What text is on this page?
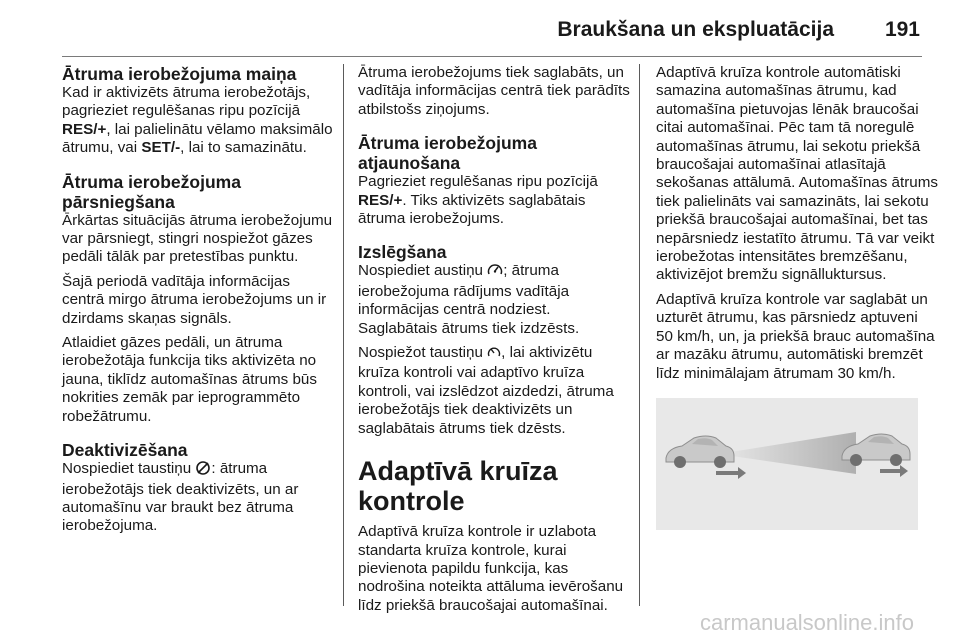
Braukšana un ekspluatācija 191
Ātruma ierobežojuma maiņa

Kad ir aktivizēts ātruma ierobežotājs, pagrieziet regulēšanas ripu pozīcijā RES/+, lai palielinātu vēlamo maksimālo ātrumu, vai SET/-, lai to samazinātu.

Ātruma ierobežojuma pārsniegšana

Ārkārtas situācijās ātruma ierobežojumu var pārsniegt, stingri nospiežot gāzes pedāli tālāk par pretestības punktu.

Šajā periodā vadītāja informācijas centrā mirgo ātruma ierobežojums un ir dzirdams skaņas signāls.

Atlaidiet gāzes pedāli, un ātruma ierobežotāja funkcija tiks aktivizēta no jauna, tiklīdz automašīnas ātrums būs nokrities zemāk par ieprogrammēto robežātrumu.

Deaktivizēšana

Nospiediet taustiņu : ātruma ierobežotājs tiek deaktivizēts, un ar automašīnu var braukt bez ātruma ierobežojuma.

Ātruma ierobežojums tiek saglabāts, un vadītāja informācijas centrā tiek parādīts atbilstošs ziņojums.

Ātruma ierobežojuma atjaunošana

Pagrieziet regulēšanas ripu pozīcijā RES/+. Tiks aktivizēts saglabātais ātruma ierobežojums.

Izslēgšana

Nospiediet austiņu ; ātruma ierobežojuma rādījums vadītāja informācijas centrā nodziest. Saglabātais ātrums tiek izdzēsts.

Nospiežot taustiņu , lai aktivizētu kruīza kontroli vai adaptīvo kruīza kontroli, vai izslēdzot aizdedzi, ātruma ierobežotājs tiek deaktivizēts un saglabātais ātrums tiek dzēsts.

Adaptīvā kruīza kontrole

Adaptīvā kruīza kontrole ir uzlabota standarta kruīza kontrole, kurai pievienota papildu funkcija, kas nodrošina noteikta attāluma ievērošanu līdz priekšā braucošajai automašīnai.

Adaptīvā kruīza kontrole automātiski samazina automašīnas ātrumu, kad automašīna pietuvojas lēnāk braucošai citai automašīnai. Pēc tam tā noregulē automašīnas ātrumu, lai sekotu priekšā braucošajai automašīnai atlasītajā sekošanas attālumā. Automašīnas ātrums tiek palielināts vai samazināts, lai sekotu priekšā braucošajai automašīnai, bet tas nepārsniedz iestatīto ātrumu. Tā var veikt ierobežotas intensitātes bremzēšanu, aktivizējot bremžu signālluktursus.

Adaptīvā kruīza kontrole var saglabāt un uzturēt ātrumu, kas pārsniedz aptuveni 50 km/h, un, ja priekšā brauc automašīna ar mazāku ātrumu, automātiski bremzēt līdz minimālajam ātrumam 30 km/h.

carmanualsonline.info
